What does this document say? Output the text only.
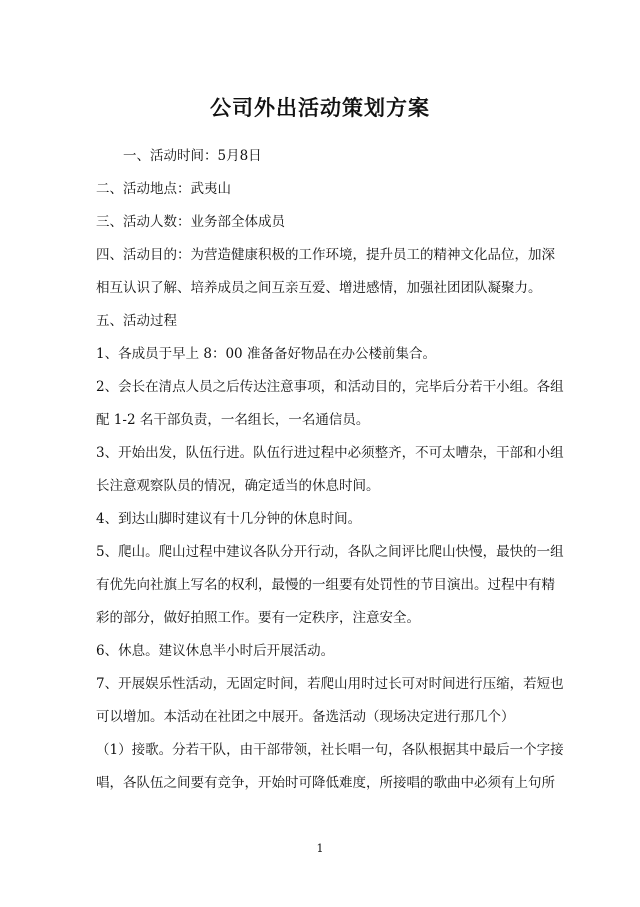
公司外出活动策划方案

一、活动时间：5月8日

二、活动地点：武夷山

三、活动人数：业务部全体成员

四、活动目的：为营造健康积极的工作环境，提升员工的精神文化品位，加深

相互认识了解、培养成员之间互亲互爱、增进感情，加强社团团队凝聚力。

五、活动过程

1、各成员于早上 8：00 准备备好物品在办公楼前集合。

2、会长在清点人员之后传达注意事项，和活动目的，完毕后分若干小组。各组

配 1-2 名干部负责，一名组长，一名通信员。

3、开始出发，队伍行进。队伍行进过程中必须整齐，不可太嘈杂，干部和小组

长注意观察队员的情况，确定适当的休息时间。

4、到达山脚时建议有十几分钟的休息时间。

5、爬山。爬山过程中建议各队分开行动，各队之间评比爬山快慢，最快的一组

有优先向社旗上写名的权利，最慢的一组要有处罚性的节目演出。过程中有精

彩的部分，做好拍照工作。要有一定秩序，注意安全。

6、休息。建议休息半小时后开展活动。

7、开展娱乐性活动，无固定时间，若爬山用时过长可对时间进行压缩，若短也

可以增加。本活动在社团之中展开。备选活动（现场决定进行那几个）

（1）接歌。分若干队，由干部带领，社长唱一句，各队根据其中最后一个字接

唱，各队伍之间要有竞争，开始时可降低难度，所接唱的歌曲中必须有上句所

1
